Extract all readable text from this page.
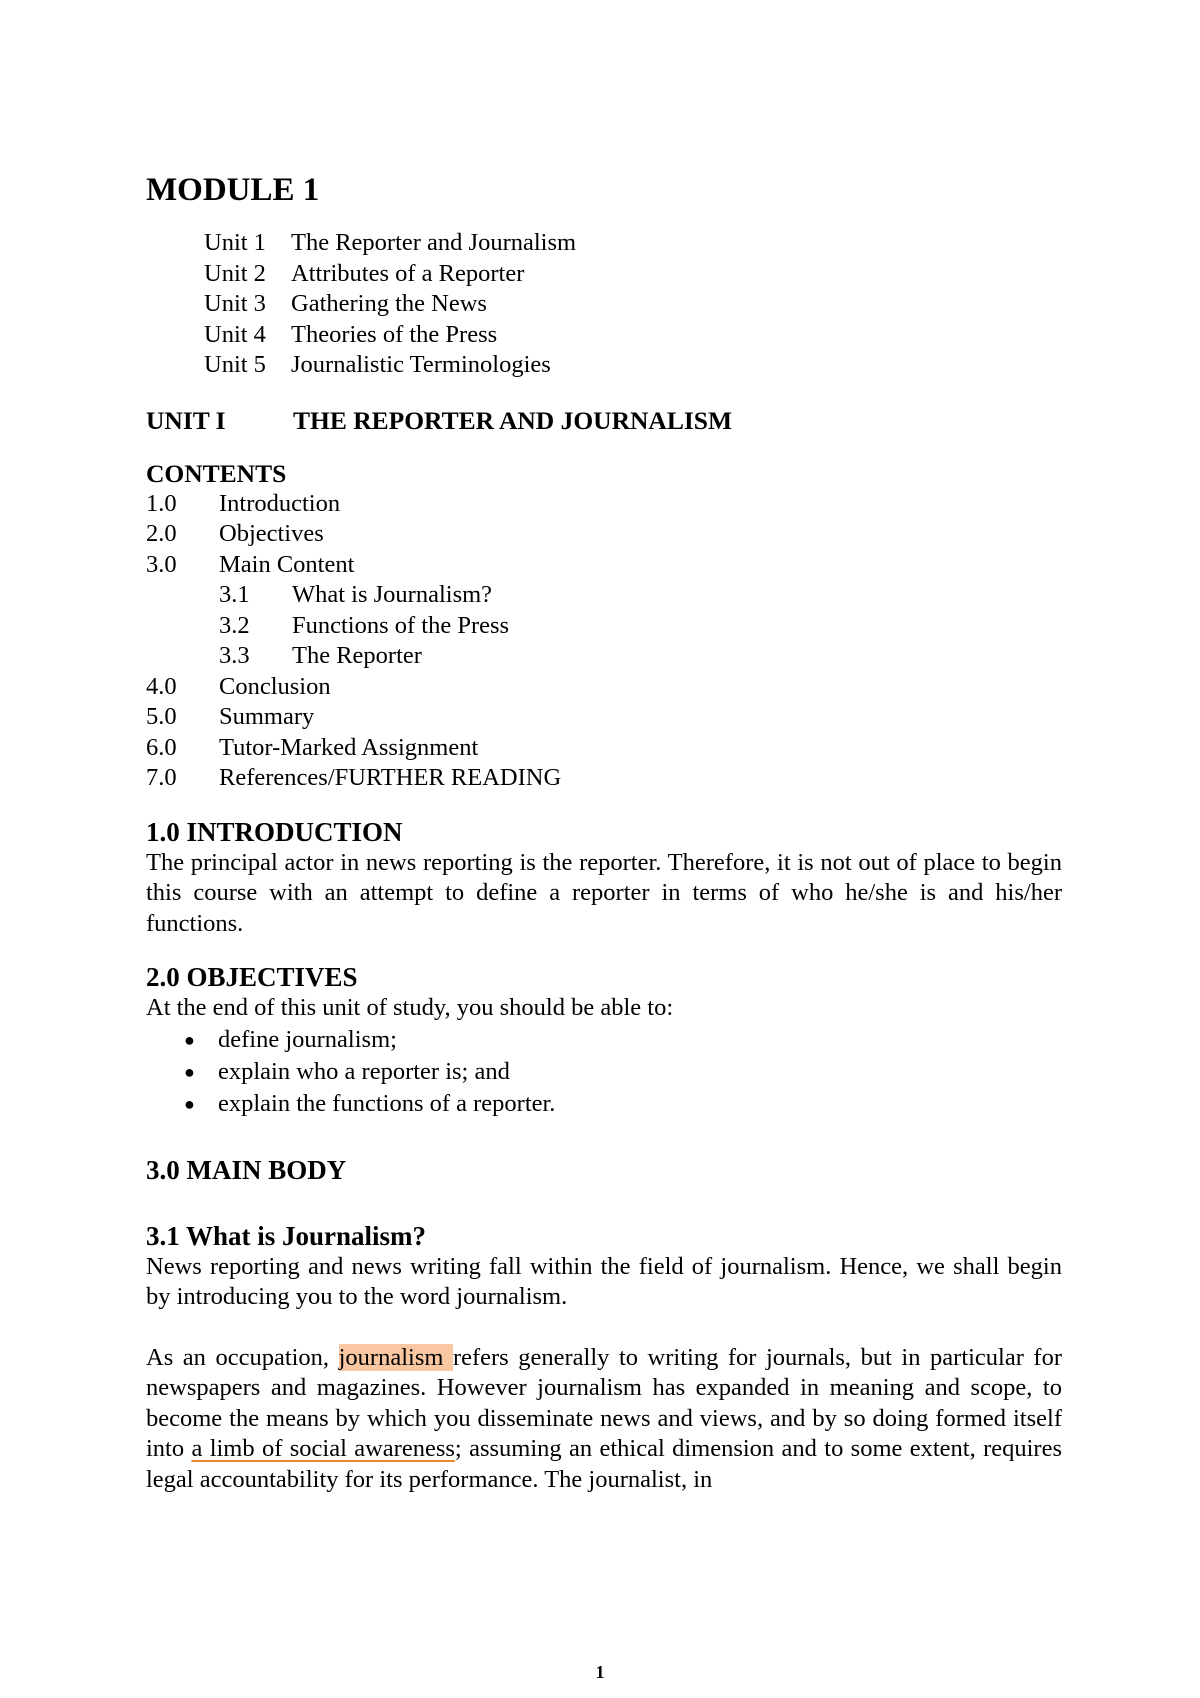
MODULE 1
Unit 1	The Reporter and Journalism
Unit 2	Attributes of a Reporter
Unit 3	Gathering the News
Unit 4	Theories of the Press
Unit 5	Journalistic Terminologies
UNIT I	THE REPORTER AND JOURNALISM
CONTENTS
1.0	Introduction
2.0	Objectives
3.0	Main Content
3.1	What is Journalism?
3.2	Functions of the Press
3.3	The Reporter
4.0	Conclusion
5.0	Summary
6.0	Tutor-Marked Assignment
7.0	References/FURTHER READING
1.0 INTRODUCTION
The principal actor in news reporting is the reporter. Therefore, it is not out of place to begin this course with an attempt to define a reporter in terms of who he/she is and his/her functions.
2.0 OBJECTIVES
At the end of this unit of study, you should be able to:
● define journalism;
● explain who a reporter is; and
● explain the functions of a reporter.
3.0 MAIN BODY
3.1 What is Journalism?
News reporting and news writing fall within the field of journalism. Hence, we shall begin by introducing you to the word journalism.
As an occupation, journalism refers generally to writing for journals, but in particular for newspapers and magazines. However journalism has expanded in meaning and scope, to become the means by which you disseminate news and views, and by so doing formed itself into a limb of social awareness; assuming an ethical dimension and to some extent, requires legal accountability for its performance. The journalist, in
1
